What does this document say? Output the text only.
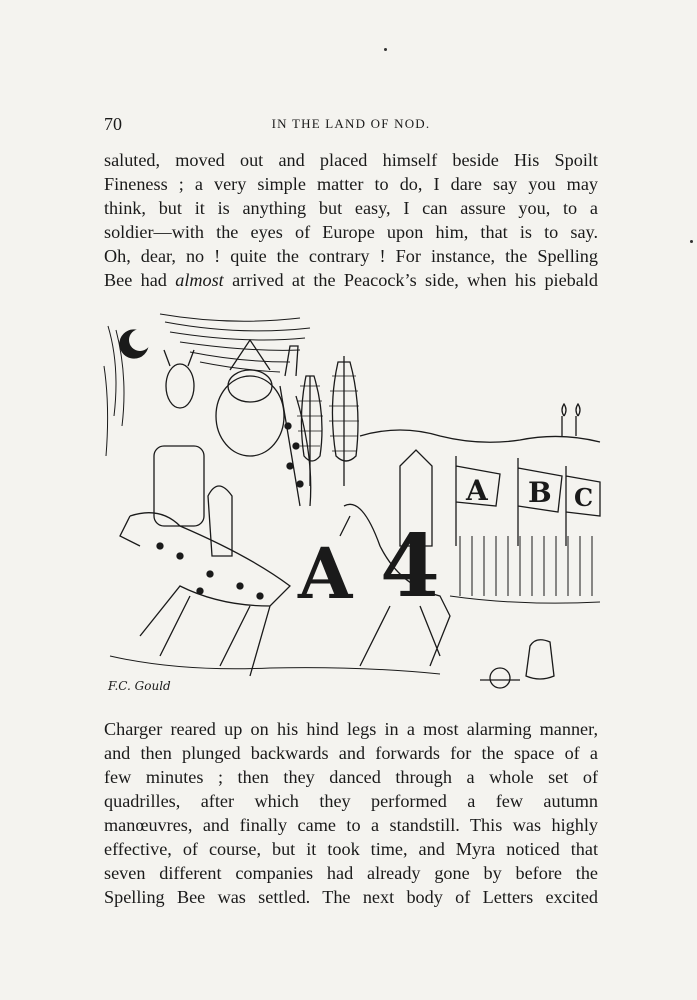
70	IN THE LAND OF NOD.
saluted, moved out and placed himself beside His Spoilt
Fineness ; a very simple matter to do, I dare say you may
think, but it is anything but easy, I can assure you, to a
soldier—with the eyes of Europe upon him, that is to say.
Oh, dear, no ! quite the contrary ! For instance, the Spelling
Bee had almost arrived at the Peacock’s side, when his piebald
A B C
A 4
F.C. Gould
Charger reared up on his hind legs in a most alarming manner,
and then plunged backwards and forwards for the space of a
few minutes ; then they danced through a whole set of
quadrilles, after which they performed a few autumn
manœuvres, and finally came to a standstill. This was highly
effective, of course, but it took time, and Myra noticed that
seven different companies had already gone by before the
Spelling Bee was settled. The next body of Letters excited
